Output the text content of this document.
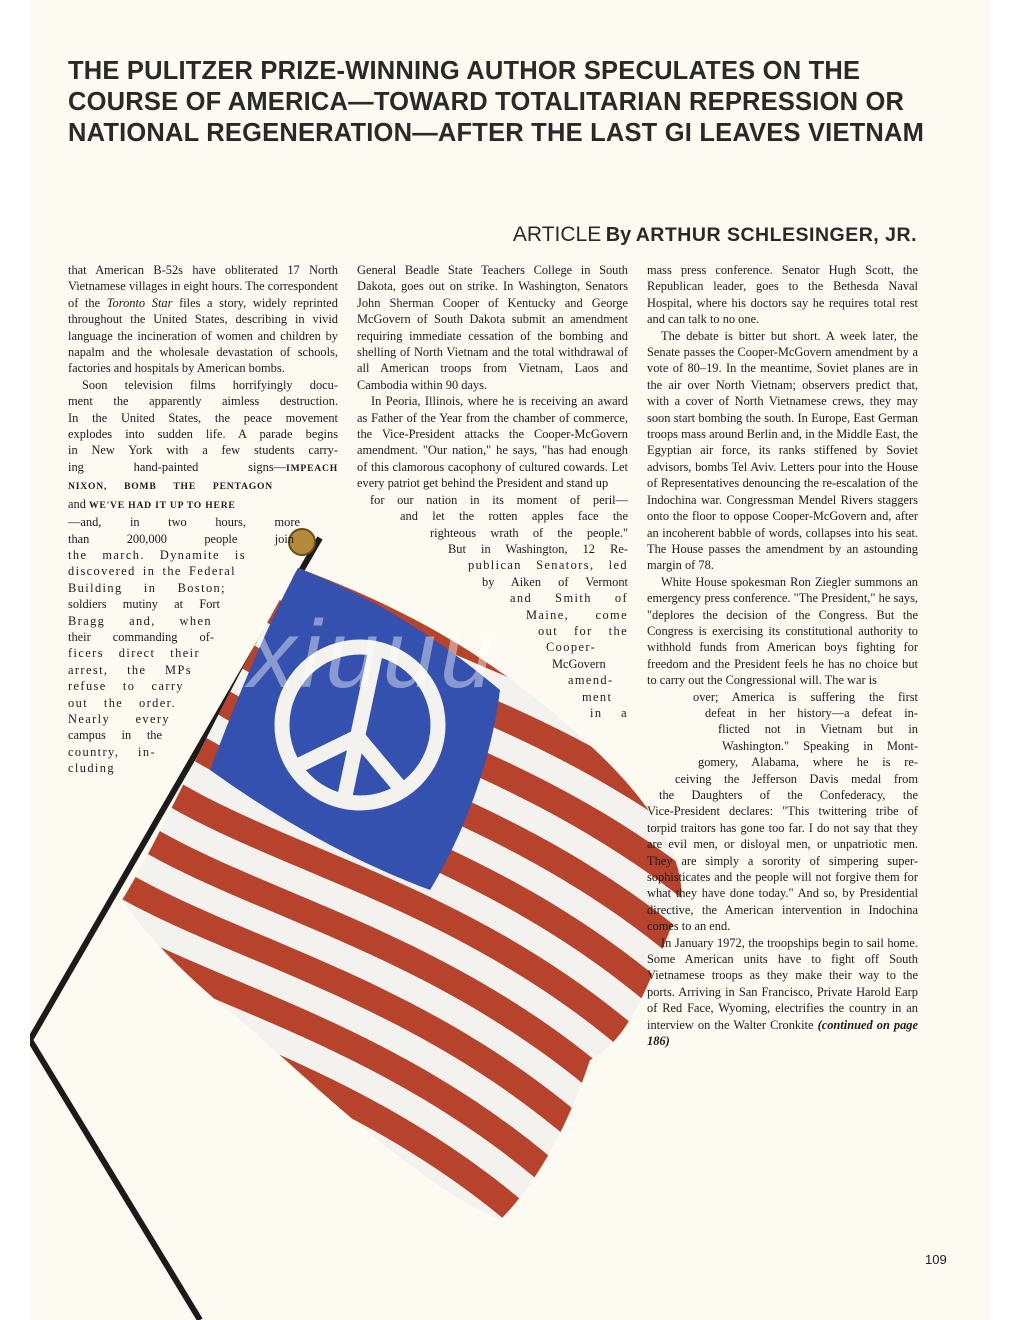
THE PULITZER PRIZE-WINNING AUTHOR SPECULATES ON THE
COURSE OF AMERICA—TOWARD TOTALITARIAN REPRESSION OR
NATIONAL REGENERATION—AFTER THE LAST GI LEAVES VIETNAM
ARTICLE By ARTHUR SCHLESINGER, JR.
xiuuu

that American B-52s have obliterated 17 North Vietnamese villages in eight hours. The correspondent of the Toronto Star files a story, widely reprinted throughout the United States, describing in vivid language the incineration of women and children by napalm and the wholesale devastation of schools, factories and hospitals by American bombs.

Soon television films horrifyingly docu-
ment the apparently aimless destruction.
In the United States, the peace movement
explodes into sudden life. A parade begins
in New York with a few students carry-
ing hand-painted signs—IMPEACH
NIXON, BOMB THE PENTAGON
and WE'VE HAD IT UP TO HERE
—and, in two hours, more
than 200,000 people join
the march. Dynamite is
discovered in the Federal
Building in Boston;
soldiers mutiny at Fort
Bragg and, when
their commanding of-
ficers direct their
arrest, the MPs
refuse to carry
out the order.
Nearly every
campus in the
country, in-
cluding

General Beadle State Teachers College in South Dakota, goes out on strike. In Washington, Senators John Sherman Cooper of Kentucky and George McGovern of South Dakota submit an amendment requiring immediate cessation of the bombing and shelling of North Vietnam and the total withdrawal of all American troops from Vietnam, Laos and Cambodia within 90 days.

In Peoria, Illinois, where he is receiving an award as Father of the Year from the chamber of commerce, the Vice-President attacks the Cooper-McGovern amendment. "Our nation," he says, "has had enough of this clamorous cacophony of cultured cowards. Let every patriot get behind the President and stand up

for our nation in its moment of peril—
and let the rotten apples face the
righteous wrath of the people."
But in Washington, 12 Re-
publican Senators, led
by Aiken of Vermont
and Smith of
Maine, come
out for the
Cooper-
McGovern
amend-
ment
in a

mass press conference. Senator Hugh Scott, the Republican leader, goes to the Bethesda Naval Hospital, where his doctors say he requires total rest and can talk to no one.

The debate is bitter but short. A week later, the Senate passes the Cooper-McGovern amendment by a vote of 80–19. In the meantime, Soviet planes are in the air over North Vietnam; observers predict that, with a cover of North Vietnamese crews, they may soon start bombing the south. In Europe, East German troops mass around Berlin and, in the Middle East, the Egyptian air force, its ranks stiffened by Soviet advisors, bombs Tel Aviv. Letters pour into the House of Representatives denouncing the re-escalation of the Indochina war. Congressman Mendel Rivers staggers onto the floor to oppose Cooper-McGovern and, after an incoherent babble of words, collapses into his seat. The House passes the amendment by an astounding margin of 78.

White House spokesman Ron Ziegler summons an emergency press conference. "The President," he says, "deplores the decision of the Congress. But the Congress is exercising its constitutional authority to withhold funds from American boys fighting for freedom and the President feels he has no choice but to carry out the Congressional will. The war is

over; America is suffering the first
defeat in her history—a defeat in-
flicted not in Vietnam but in
Washington." Speaking in Mont-
gomery, Alabama, where he is re-
ceiving the Jefferson Davis medal from
the Daughters of the Confederacy, the

Vice-President declares: "This twittering tribe of torpid traitors has gone too far. I do not say that they are evil men, or disloyal men, or unpatriotic men. They are simply a sorority of simpering super-sophisticates and the people will not forgive them for what they have done today." And so, by Presidential directive, the American intervention in Indochina comes to an end.

In January 1972, the troopships begin to sail home. Some American units have to fight off South Vietnamese troops as they make their way to the ports. Arriving in San Francisco, Private Harold Earp of Red Face, Wyoming, electrifies the country in an interview on the Walter Cronkite (continued on page 186)

109
